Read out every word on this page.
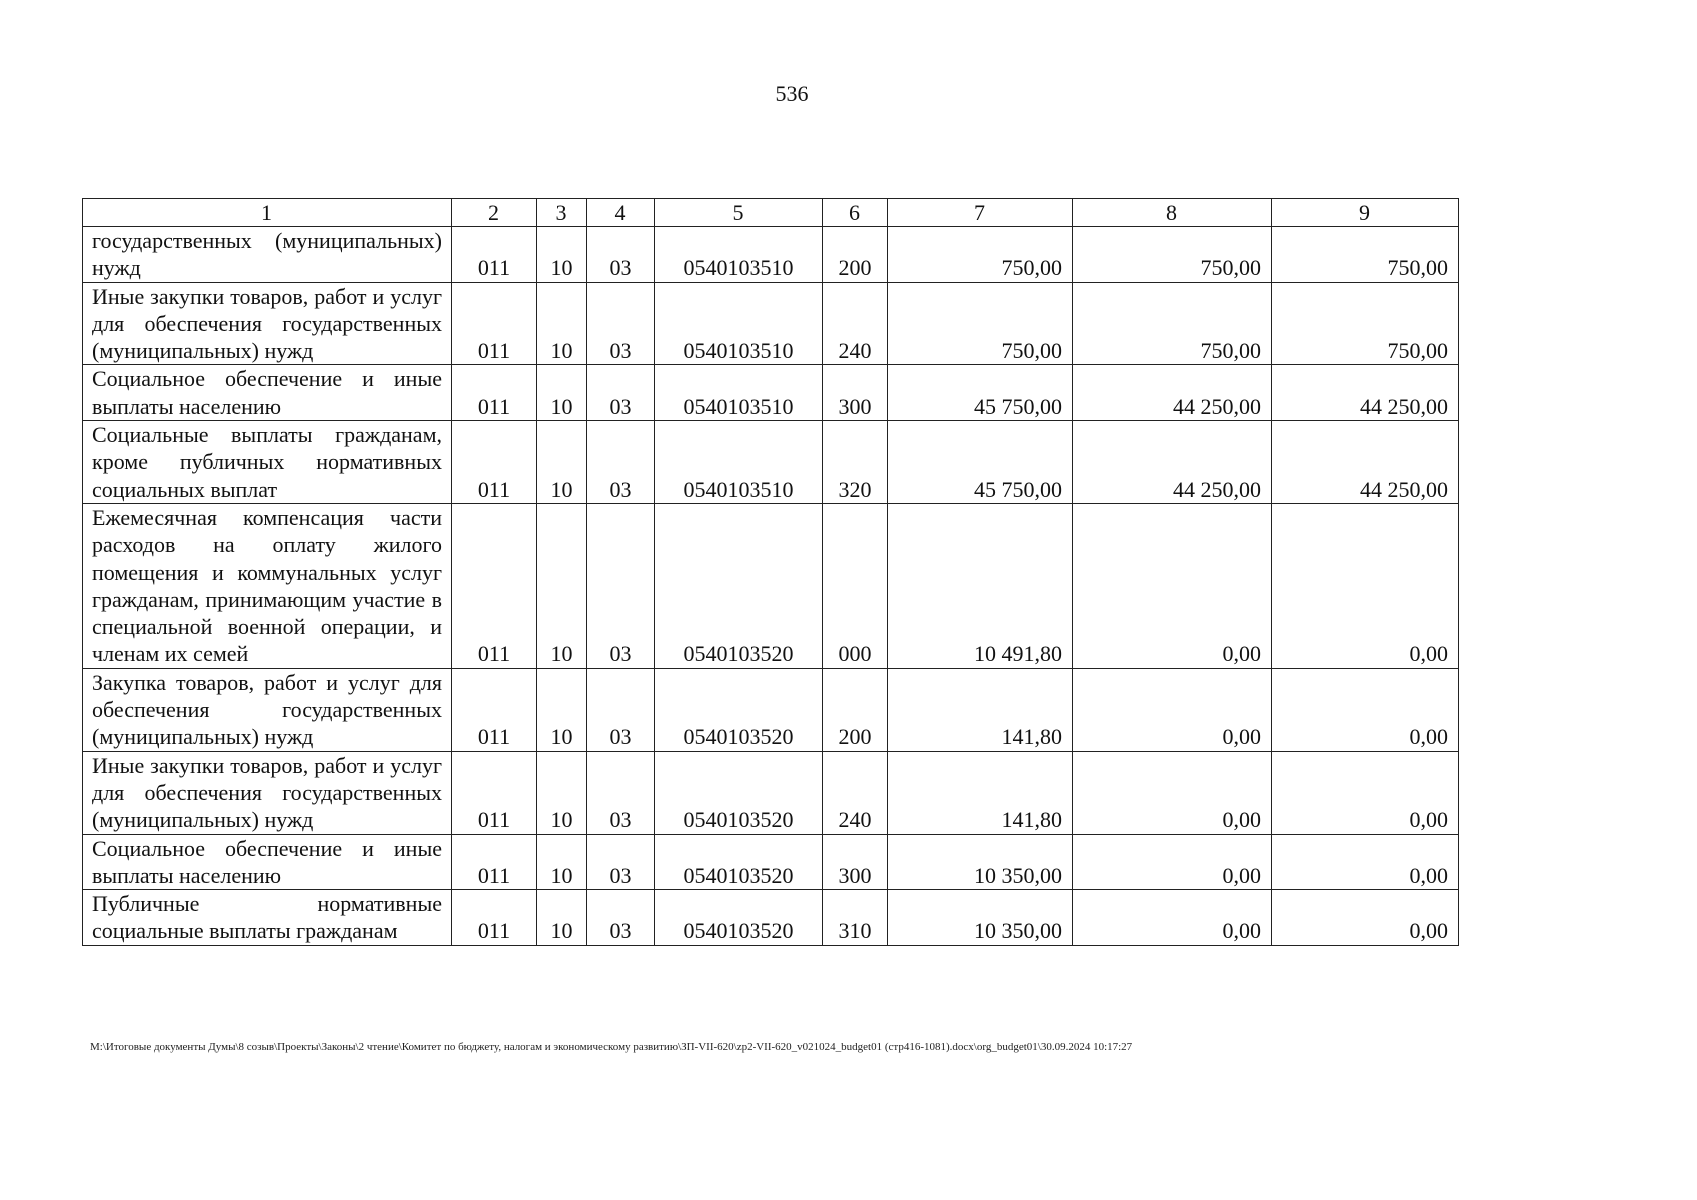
536
1	2	3	4	5	6	7	8	9
государственных (муниципальных) нужд	011	10	03	0540103510	200	750,00	750,00	750,00
Иные закупки товаров, работ и услуг для обеспечения государственных (муниципальных) нужд	011	10	03	0540103510	240	750,00	750,00	750,00
Социальное обеспечение и иные выплаты населению	011	10	03	0540103510	300	45 750,00	44 250,00	44 250,00
Социальные выплаты гражданам, кроме публичных нормативных социальных выплат	011	10	03	0540103510	320	45 750,00	44 250,00	44 250,00
Ежемесячная компенсация части расходов на оплату жилого помещения и коммунальных услуг гражданам, принимающим участие в специальной военной операции, и членам их семей	011	10	03	0540103520	000	10 491,80	0,00	0,00
Закупка товаров, работ и услуг для обеспечения государственных (муниципальных) нужд	011	10	03	0540103520	200	141,80	0,00	0,00
Иные закупки товаров, работ и услуг для обеспечения государственных (муниципальных) нужд	011	10	03	0540103520	240	141,80	0,00	0,00
Социальное обеспечение и иные выплаты населению	011	10	03	0540103520	300	10 350,00	0,00	0,00
Публичные нормативные социальные выплаты гражданам	011	10	03	0540103520	310	10 350,00	0,00	0,00
M:\Итоговые документы Думы\8 созыв\Проекты\Законы\2 чтение\Комитет по бюджету, налогам и экономическому развитию\ЗП-VII-620\zp2-VII-620_v021024_budget01 (стр416-1081).docx\org_budget01\30.09.2024 10:17:27
